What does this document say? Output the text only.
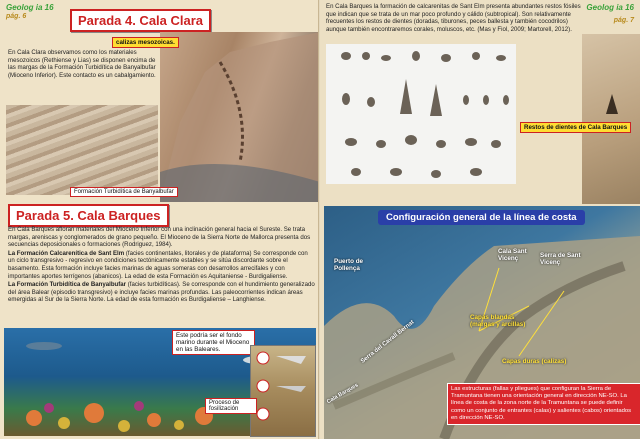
Geolog ia 16
pág. 6	Parada 4. Cala Clara
calizas mesozoicas.

En Cala Clara observamos como los materiales mesozoicos (Rethiense y Lias) se disponen encima de las margas de la Formación Turbidítica de Banyalbufar (Mioceno Inferior). Este contacto es un cabalgamiento.

Formación Turbidítica de Banyalbufar
Parada 5. Cala Barques

En Cala Barques afloran materiales del Mioceno Inferior con una inclinación general hacia el Sureste. Se trata margas, areniscas y conglomerados de grano pequeño. El Mioceno de la Sierra Norte de Mallorca presenta dos secuencias deposicionales o formaciones (Rodriguez, 1984).

La Formación Calcarenítica de Sant Elm (facies continentales, litorales y de plataforma) Se corresponde con un ciclo transgresivo - regresivo en condiciones tectónicamente estables y se sitúa discordante sobre el basamento. Esta formación incluye facies marinas de aguas someras con desarrollos arrecifales y con importantes aportes terrígenos (abanicos). La edad de esta Formación es Aquitaniense - Burdigaliense.

La Formación Turbidítica de Banyalbufar (facies turbidíticas). Se corresponde con el hundimiento generalizado del área Balear (episodio transgresivo) e incluye facies marinas profundas. Las paleocorrientes indican áreas emergidas al Sur de la Sierra Norte. La edad de esta formación es Burdigaliense – Langhiense.

Este podría ser el fondo marino durante el Mioceno en las Baleares.
Proceso de fosilización
Geolog ia 16
pág. 7

En Cala Barques la formación de calcarenitas de Sant Elm presenta abundantes restos fósiles que indican que se trata de un mar poco profundo y cálido (subtropical). Son relativamente frecuentes los restos de dientes (doradas, tiburones, peces ballesta y también cocodrilos) aunque también encontraremos corales, moluscos, etc. (Mas y Fiol, 2009; Martorell, 2012).

Restos de dientes de Cala Barques
Configuración general de la línea de costa
Puerto de Pollença
Cala Sant Vicenç	Serra de Sant Vicenç
Capas blandas (margas y arcillas)
Capas duras (calizas)
Serra del Cavall Bernat
Cala Barques	Las estructuras (fallas y pliegues) que configuran la Sierra de Tramuntana tienen una orientación general en dirección NE-SO. La línea de costa de la zona norte de la Tramuntana se puede definir como un conjunto de entrantes (calas) y salientes (cabos) orientados en dirección NE-SO.
